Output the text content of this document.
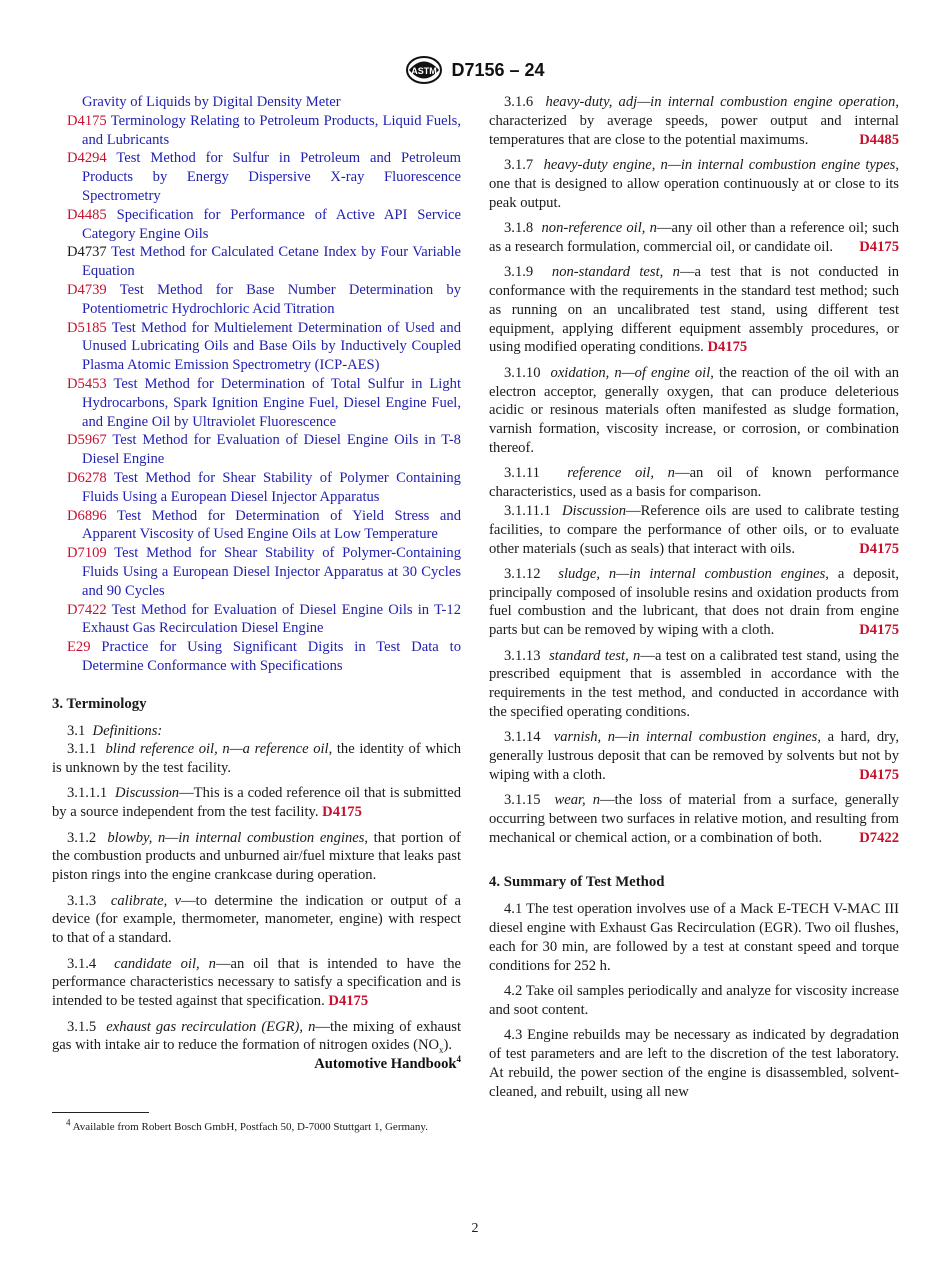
ASTM D7156 – 24

Gravity of Liquids by Digital Density Meter

D4175 Terminology Relating to Petroleum Products, Liquid Fuels, and Lubricants

D4294 Test Method for Sulfur in Petroleum and Petroleum Products by Energy Dispersive X-ray Fluorescence Spectrometry

D4485 Specification for Performance of Active API Service Category Engine Oils

D4737 Test Method for Calculated Cetane Index by Four Variable Equation

D4739 Test Method for Base Number Determination by Potentiometric Hydrochloric Acid Titration

D5185 Test Method for Multielement Determination of Used and Unused Lubricating Oils and Base Oils by Inductively Coupled Plasma Atomic Emission Spectrometry (ICP-AES)

D5453 Test Method for Determination of Total Sulfur in Light Hydrocarbons, Spark Ignition Engine Fuel, Diesel Engine Fuel, and Engine Oil by Ultraviolet Fluorescence

D5967 Test Method for Evaluation of Diesel Engine Oils in T-8 Diesel Engine

D6278 Test Method for Shear Stability of Polymer Containing Fluids Using a European Diesel Injector Apparatus

D6896 Test Method for Determination of Yield Stress and Apparent Viscosity of Used Engine Oils at Low Temperature

D7109 Test Method for Shear Stability of Polymer-Containing Fluids Using a European Diesel Injector Apparatus at 30 Cycles and 90 Cycles

D7422 Test Method for Evaluation of Diesel Engine Oils in T-12 Exhaust Gas Recirculation Diesel Engine

E29 Practice for Using Significant Digits in Test Data to Determine Conformance with Specifications

3. Terminology

3.1 Definitions:

3.1.1 blind reference oil, n—a reference oil, the identity of which is unknown by the test facility.

3.1.1.1 Discussion—This is a coded reference oil that is submitted by a source independent from the test facility. D4175

3.1.2 blowby, n—in internal combustion engines, that portion of the combustion products and unburned air/fuel mixture that leaks past piston rings into the engine crankcase during operation.

3.1.3 calibrate, v—to determine the indication or output of a device (for example, thermometer, manometer, engine) with respect to that of a standard.

3.1.4 candidate oil, n—an oil that is intended to have the performance characteristics necessary to satisfy a specification and is intended to be tested against that specification. D4175

3.1.5 exhaust gas recirculation (EGR), n—the mixing of exhaust gas with intake air to reduce the formation of nitrogen oxides $(NO_x)$.
Automotive Handbook$^4$

$^4$ Available from Robert Bosch GmbH, Postfach 50, D-7000 Stuttgart 1, Germany.

3.1.6 heavy-duty, adj—in internal combustion engine operation, characterized by average speeds, power output and internal temperatures that are close to the potential maximums.	D4485

3.1.7 heavy-duty engine, n—in internal combustion engine types, one that is designed to allow operation continuously at or close to its peak output.

3.1.8 non-reference oil, n—any oil other than a reference oil; such as a research formulation, commercial oil, or candidate oil.	D4175

3.1.9 non-standard test, n—a test that is not conducted in conformance with the requirements in the standard test method; such as running on an uncalibrated test stand, using different test equipment, applying different equipment assembly procedures, or using modified operating conditions. D4175

3.1.10 oxidation, n—of engine oil, the reaction of the oil with an electron acceptor, generally oxygen, that can produce deleterious acidic or resinous materials often manifested as sludge formation, varnish formation, viscosity increase, or corrosion, or combination thereof.

3.1.11 reference oil, n—an oil of known performance characteristics, used as a basis for comparison.

3.1.11.1 Discussion—Reference oils are used to calibrate testing facilities, to compare the performance of other oils, or to evaluate other materials (such as seals) that interact with oils.	D4175

3.1.12 sludge, n—in internal combustion engines, a deposit, principally composed of insoluble resins and oxidation products from fuel combustion and the lubricant, that does not drain from engine parts but can be removed by wiping with a cloth.	D4175

3.1.13 standard test, n—a test on a calibrated test stand, using the prescribed equipment that is assembled in accordance with the requirements in the test method, and conducted in accordance with the specified operating conditions.

3.1.14 varnish, n—in internal combustion engines, a hard, dry, generally lustrous deposit that can be removed by solvents but not by wiping with a cloth.	D4175

3.1.15 wear, n—the loss of material from a surface, generally occurring between two surfaces in relative motion, and resulting from mechanical or chemical action, or a combination of both.	D7422

4. Summary of Test Method

4.1 The test operation involves use of a Mack E-TECH V-MAC III diesel engine with Exhaust Gas Recirculation (EGR). Two oil flushes, each for 30 min, are followed by a test at constant speed and torque conditions for 252 h.

4.2 Take oil samples periodically and analyze for viscosity increase and soot content.

4.3 Engine rebuilds may be necessary as indicated by degradation of test parameters and are left to the discretion of the test laboratory. At rebuild, the power section of the engine is disassembled, solvent-cleaned, and rebuilt, using all new

2
